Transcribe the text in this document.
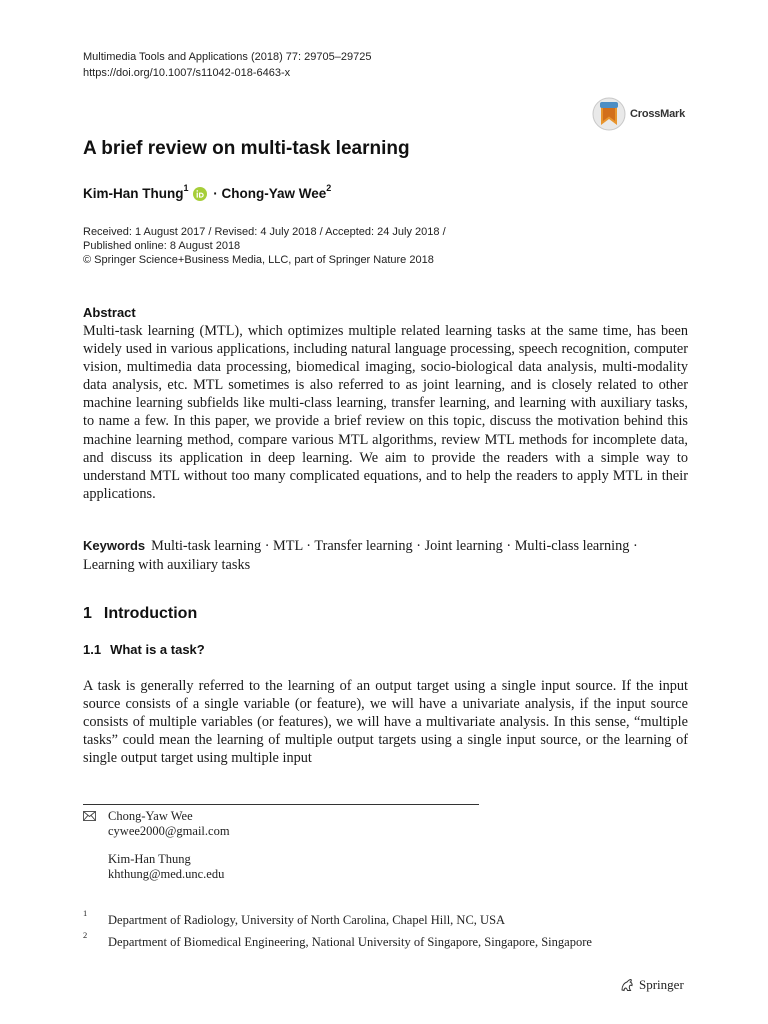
Multimedia Tools and Applications (2018) 77: 29705–29725
https://doi.org/10.1007/s11042-018-6463-x
CrossMark
A brief review on multi-task learning
Kim-Han Thung$^1$ · Chong-Yaw Wee$^2$
Received: 1 August 2017 / Revised: 4 July 2018 / Accepted: 24 July 2018 /
Published online: 8 August 2018
© Springer Science+Business Media, LLC, part of Springer Nature 2018
Abstract
Multi-task learning (MTL), which optimizes multiple related learning tasks at the same time, has been widely used in various applications, including natural language processing, speech recognition, computer vision, multimedia data processing, biomedical imaging, socio-biological data analysis, multi-modality data analysis, etc. MTL sometimes is also referred to as joint learning, and is closely related to other machine learning subfields like multi-class learning, transfer learning, and learning with auxiliary tasks, to name a few. In this paper, we provide a brief review on this topic, discuss the motivation behind this machine learning method, compare various MTL algorithms, review MTL methods for incomplete data, and discuss its application in deep learning. We aim to provide the readers with a simple way to understand MTL without too many complicated equations, and to help the readers to apply MTL in their applications.
Keywords Multi-task learning · MTL · Transfer learning · Joint learning · Multi-class learning · Learning with auxiliary tasks
1 Introduction
1.1 What is a task?
A task is generally referred to the learning of an output target using a single input source. If the input source consists of a single variable (or feature), we will have a univariate analysis, if the input source consists of multiple variables (or features), we will have a multivariate analysis. In this sense, “multiple tasks” could mean the learning of multiple output targets using a single input source, or the learning of single output target using multiple input
Chong-Yaw Wee
cywee2000@gmail.com
Kim-Han Thung
khthung@med.unc.edu
$^1$Department of Radiology, University of North Carolina, Chapel Hill, NC, USA
$^2$Department of Biomedical Engineering, National University of Singapore, Singapore, Singapore
Springer
